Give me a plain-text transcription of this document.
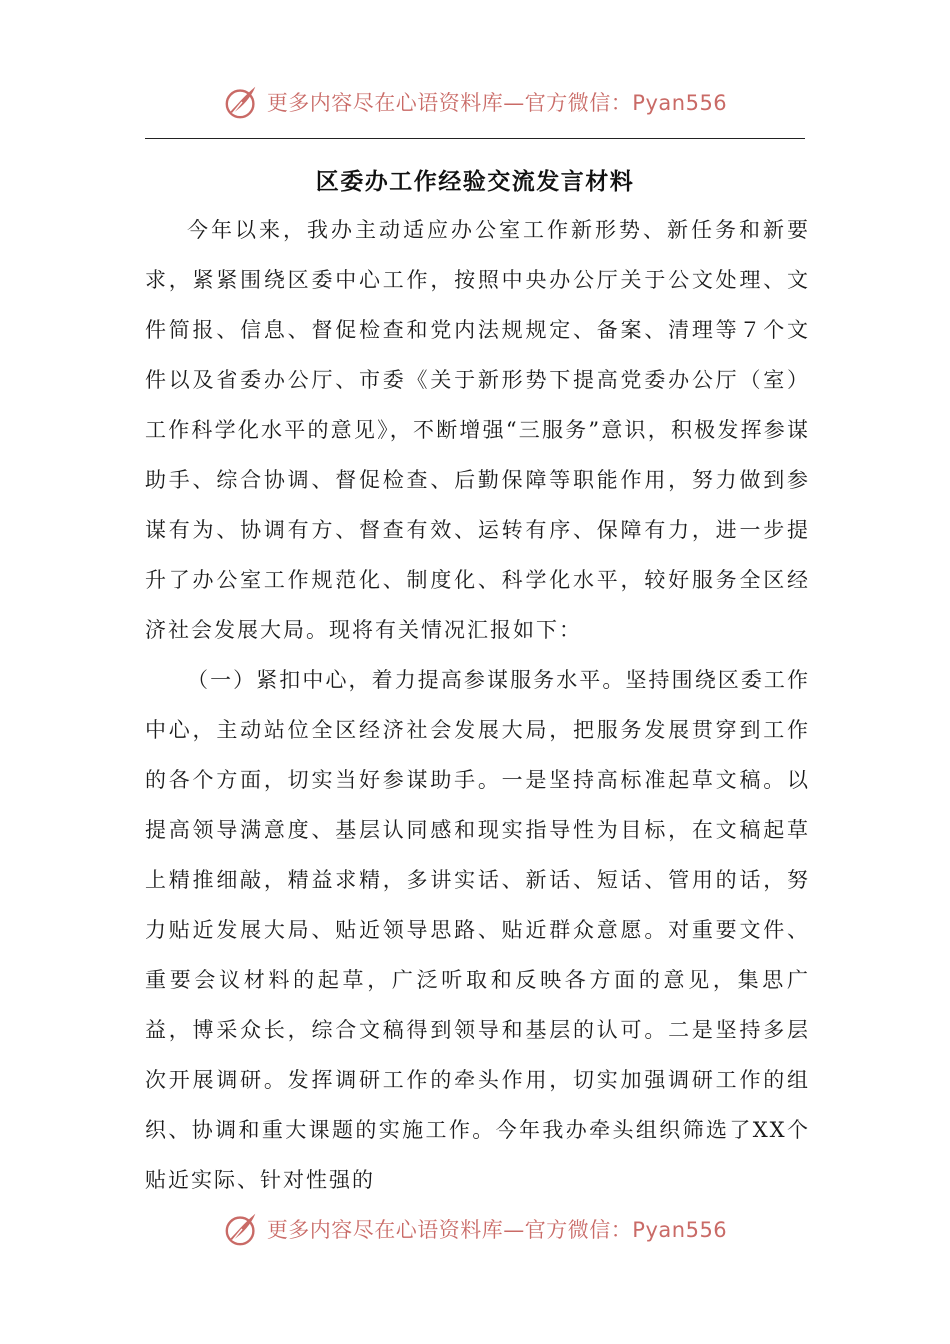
更多内容尽在心语资料库—官方微信：Pyan556
区委办工作经验交流发言材料

今年以来，我办主动适应办公室工作新形势、新任务和新要求，紧紧围绕区委中心工作，按照中央办公厅关于公文处理、文件简报、信息、督促检查和党内法规规定、备案、清理等７个文件以及省委办公厅、市委《关于新形势下提高党委办公厅（室）工作科学化水平的意见》，不断增强“三服务”意识，积极发挥参谋助手、综合协调、督促检查、后勤保障等职能作用，努力做到参谋有为、协调有方、督查有效、运转有序、保障有力，进一步提升了办公室工作规范化、制度化、科学化水平，较好服务全区经济社会发展大局。现将有关情况汇报如下：

（一）紧扣中心，着力提高参谋服务水平。坚持围绕区委工作中心，主动站位全区经济社会发展大局，把服务发展贯穿到工作的各个方面，切实当好参谋助手。一是坚持高标准起草文稿。以提高领导满意度、基层认同感和现实指导性为目标，在文稿起草上精推细敲，精益求精，多讲实话、新话、短话、管用的话，努力贴近发展大局、贴近领导思路、贴近群众意愿。对重要文件、重要会议材料的起草，广泛听取和反映各方面的意见，集思广益，博采众长，综合文稿得到领导和基层的认可。二是坚持多层次开展调研。发挥调研工作的牵头作用，切实加强调研工作的组织、协调和重大课题的实施工作。今年我办牵头组织筛选了XX个贴近实际、针对性强的

更多内容尽在心语资料库—官方微信：Pyan556
